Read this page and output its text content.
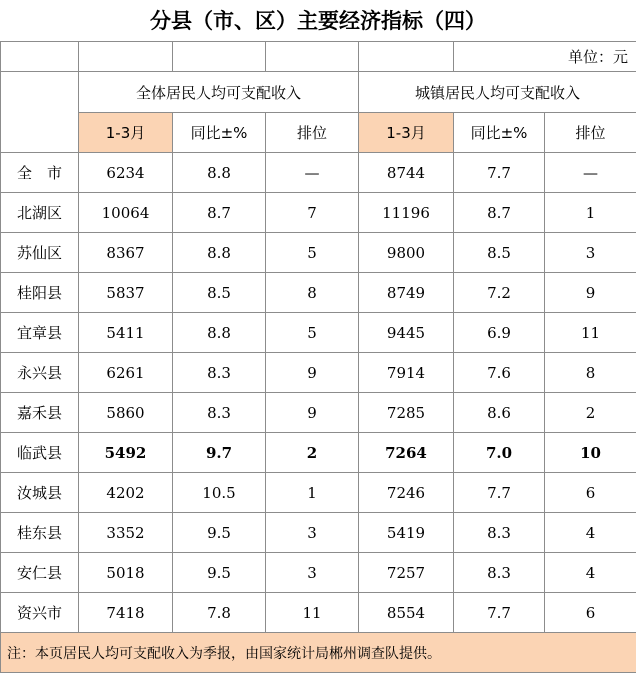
分县（市、区）主要经济指标（四）
						单位：元
	全体居民人均可支配收入			城镇居民人均可支配收入		
	1-3月	同比±%	排位	1-3月	同比±%	排位
全　市	6234	8.8	—	8744	7.7	—
北湖区	10064	8.7	7	11196	8.7	1
苏仙区	8367	8.8	5	9800	8.5	3
桂阳县	5837	8.5	8	8749	7.2	9
宜章县	5411	8.8	5	9445	6.9	11
永兴县	6261	8.3	9	7914	7.6	8
嘉禾县	5860	8.3	9	7285	8.6	2
临武县	5492	9.7	2	7264	7.0	10
汝城县	4202	10.5	1	7246	7.7	6
桂东县	3352	9.5	3	5419	8.3	4
安仁县	5018	9.5	3	7257	8.3	4
资兴市	7418	7.8	11	8554	7.7	6
注：本页居民人均可支配收入为季报，由国家统计局郴州调查队提供。						
